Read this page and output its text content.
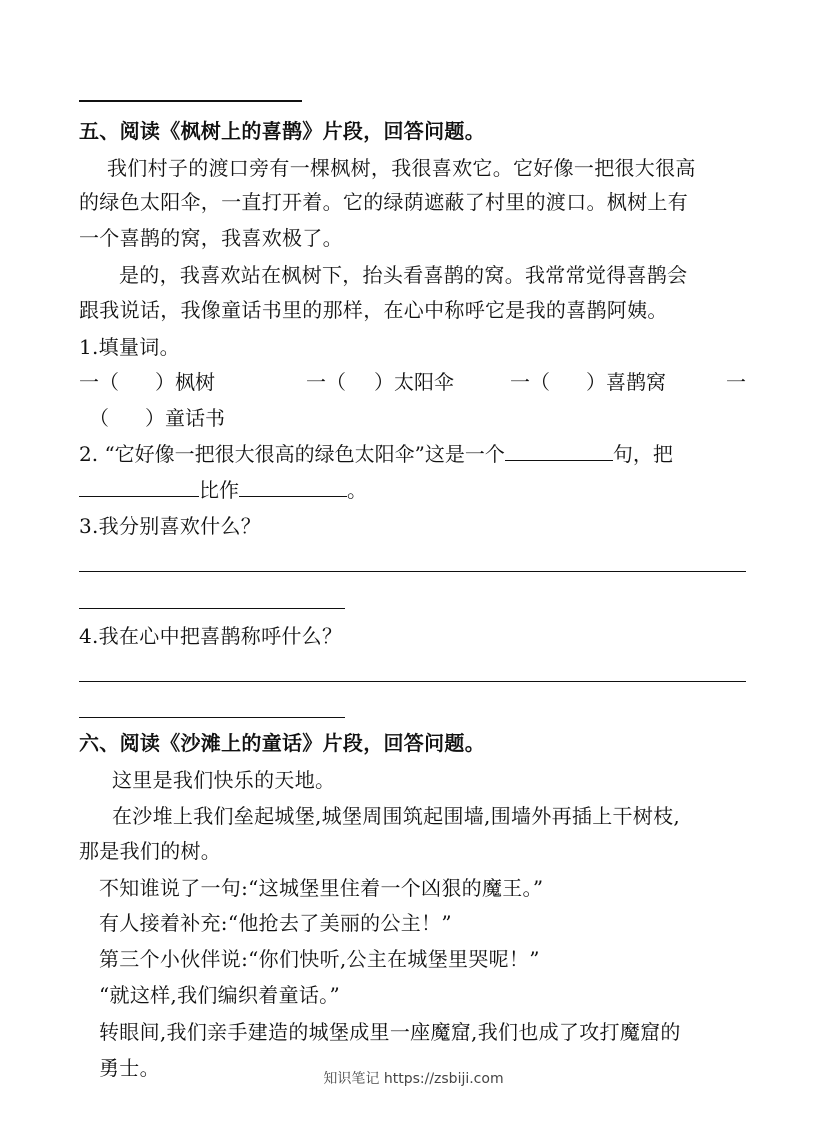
五、阅读《枫树上的喜鹊》片段，回答问题。
我们村子的渡口旁有一棵枫树，我很喜欢它。它好像一把很大很高
的绿色太阳伞，一直打开着。它的绿荫遮蔽了村里的渡口。枫树上有
一个喜鹊的窝，我喜欢极了。
是的，我喜欢站在枫树下，抬头看喜鹊的窝。我常常觉得喜鹊会
跟我说话，我像童话书里的那样，在心中称呼它是我的喜鹊阿姨。
1.填量词。
一（ ）枫树	一（ ）太阳伞	一（ ）喜鹊窝	一
（ ）童话书
2. “它好像一把很大很高的绿色太阳伞”这是一个	句，把
比作	。
3.我分别喜欢什么？
4.我在心中把喜鹊称呼什么？
六、阅读《沙滩上的童话》片段，回答问题。
这里是我们快乐的天地。
在沙堆上我们垒起城堡,城堡周围筑起围墙,围墙外再插上干树枝,
那是我们的树。
不知谁说了一句:“这城堡里住着一个凶狠的魔王。”
有人接着补充:“他抢去了美丽的公主！”
第三个小伙伴说:“你们快听,公主在城堡里哭呢！”
“就这样,我们编织着童话。”
转眼间,我们亲手建造的城堡成里一座魔窟,我们也成了攻打魔窟的
勇士。	知识笔记 https://zsbiji.com
